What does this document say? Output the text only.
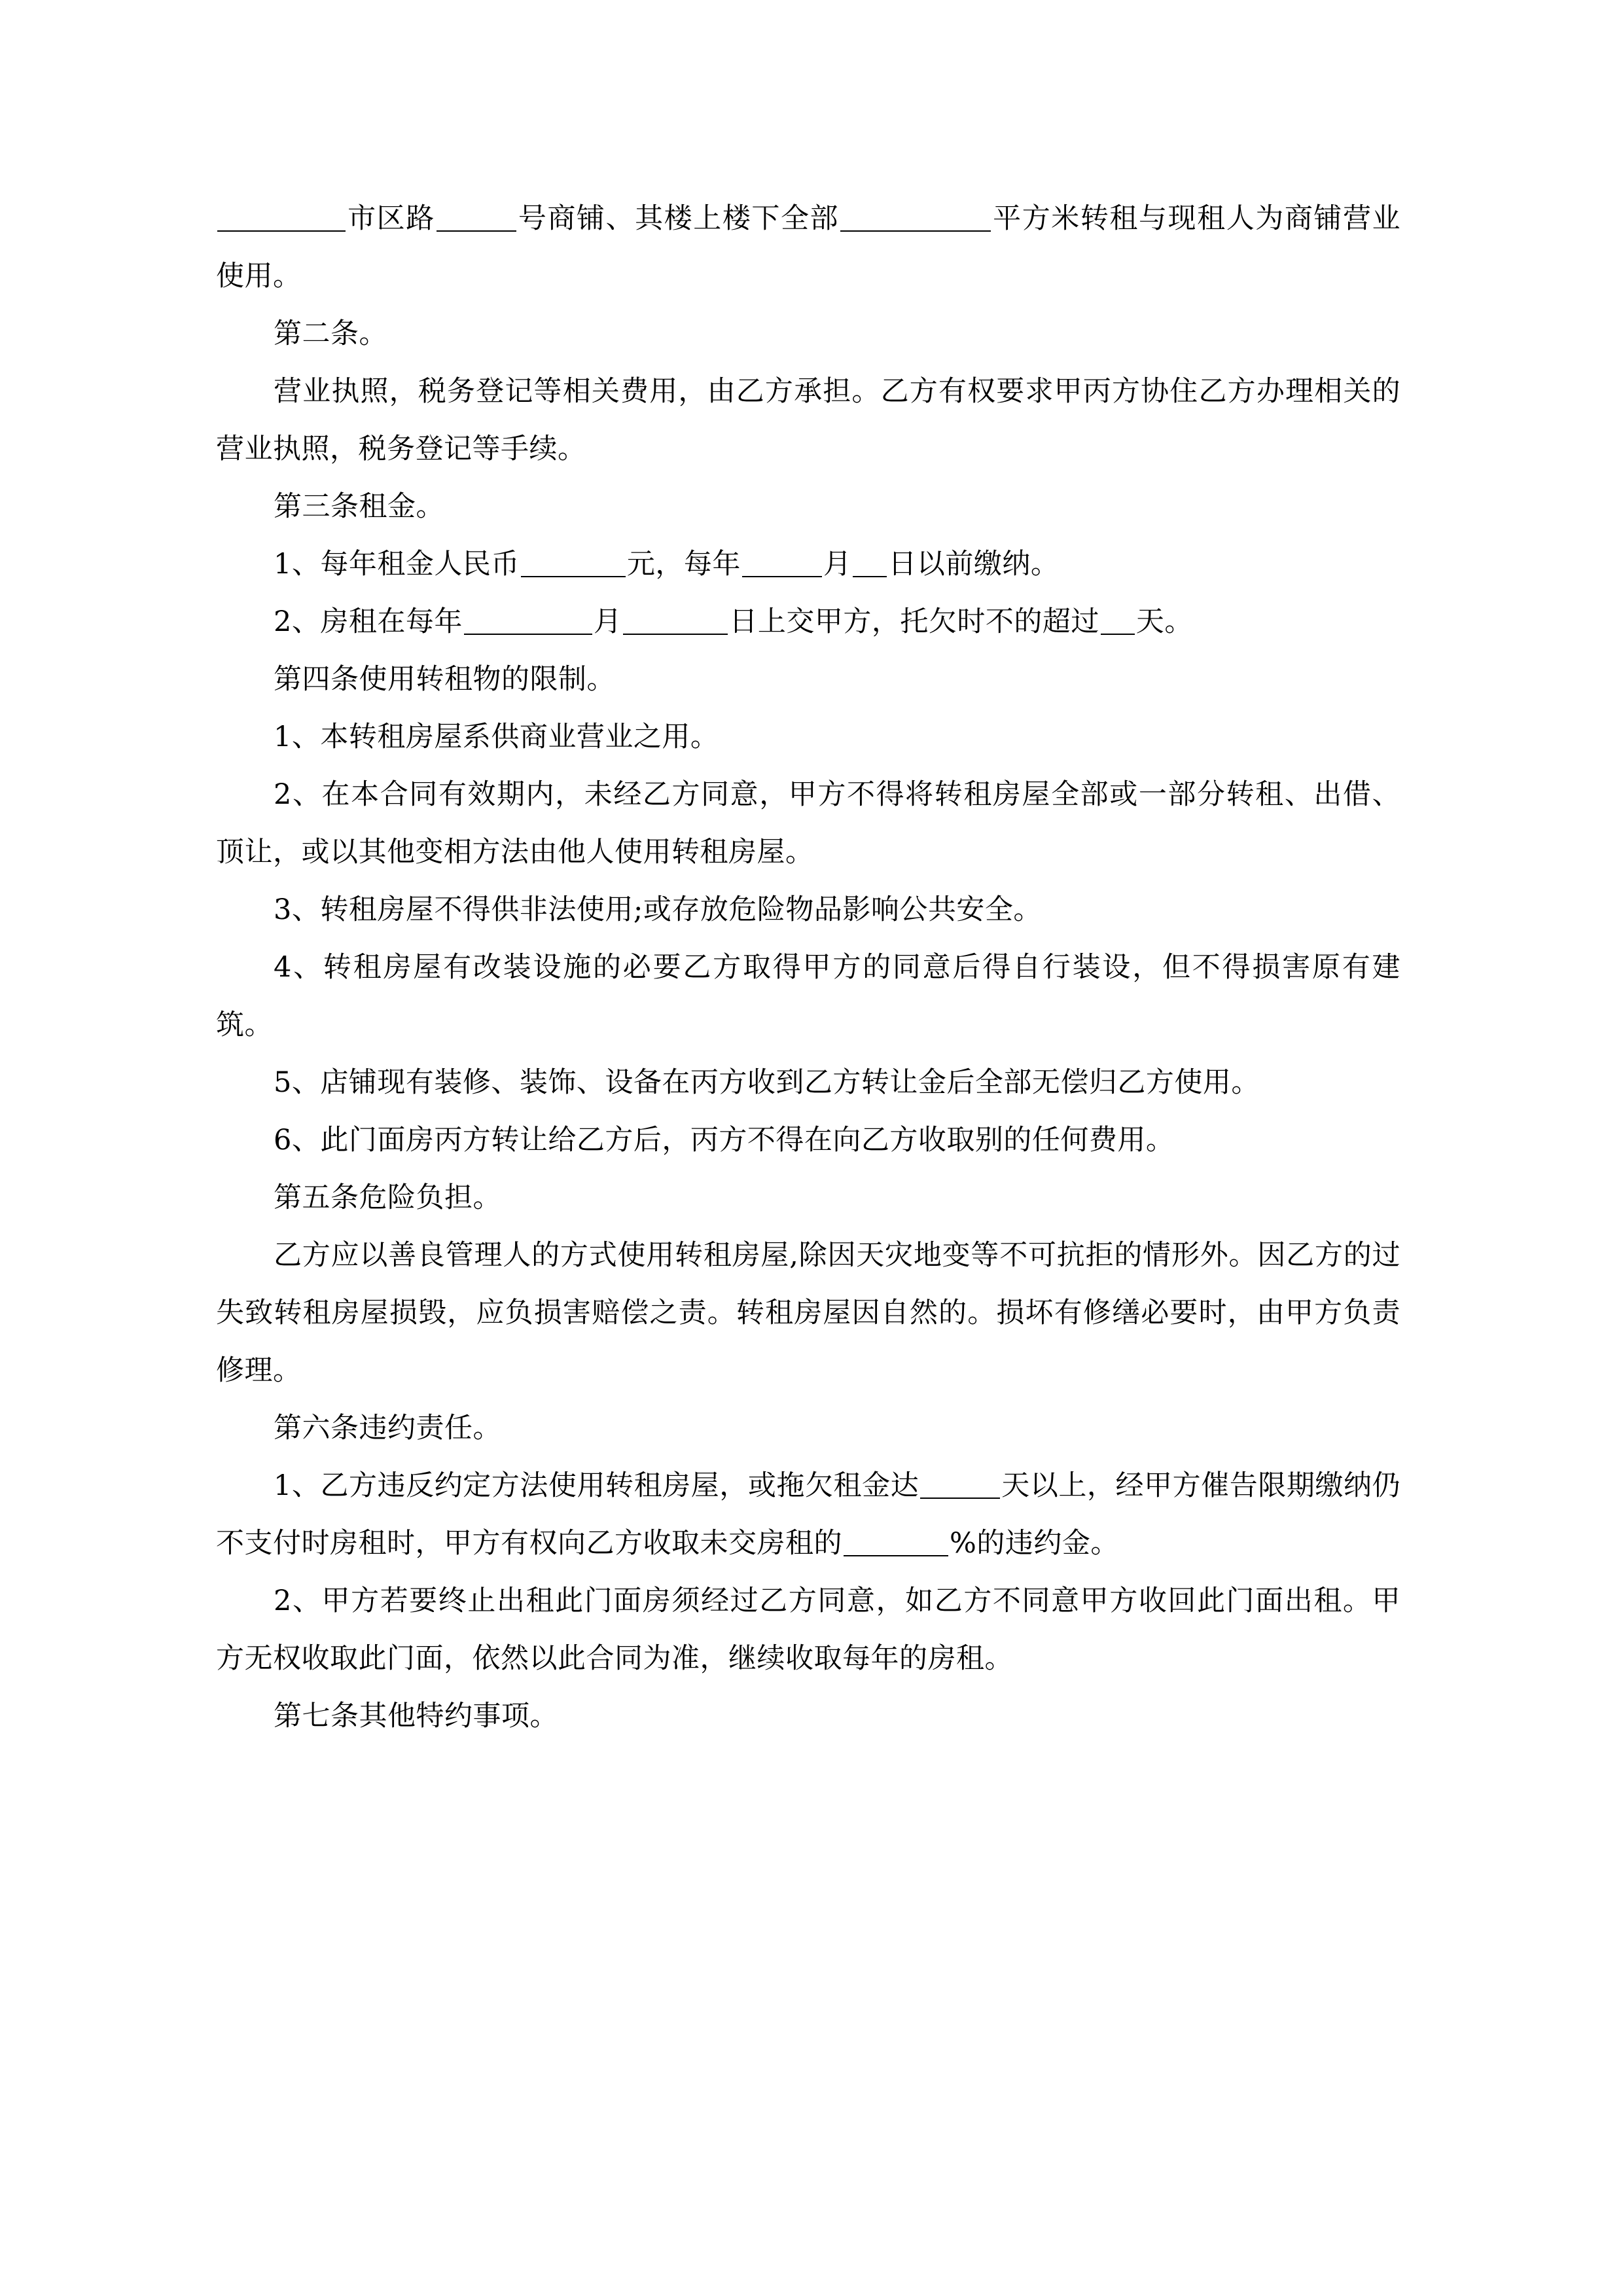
市区路	号商铺、其楼上楼下全部	平方米转租与现租人为商铺营业使用。

第二条。

营业执照，税务登记等相关费用，由乙方承担。乙方有权要求甲丙方协住乙方办理相关的营业执照，税务登记等手续。

第三条租金。

1、每年租金人民币	元，每年	月 日以前缴纳。

2、房租在每年	月	日上交甲方，托欠时不的超过 天。

第四条使用转租物的限制。

1、本转租房屋系供商业营业之用。

2、在本合同有效期内，未经乙方同意，甲方不得将转租房屋全部或一部分转租、出借、顶让，或以其他变相方法由他人使用转租房屋。

3、转租房屋不得供非法使用;或存放危险物品影响公共安全。

4、转租房屋有改装设施的必要乙方取得甲方的同意后得自行装设，但不得损害原有建筑。

5、店铺现有装修、装饰、设备在丙方收到乙方转让金后全部无偿归乙方使用。

6、此门面房丙方转让给乙方后，丙方不得在向乙方收取别的任何费用。

第五条危险负担。

乙方应以善良管理人的方式使用转租房屋,除因天灾地变等不可抗拒的情形外。因乙方的过失致转租房屋损毁，应负损害赔偿之责。转租房屋因自然的。损坏有修缮必要时，由甲方负责修理。

第六条违约责任。

1、乙方违反约定方法使用转租房屋，或拖欠租金达	天以上，经甲方催告限期缴纳仍不支付时房租时，甲方有权向乙方收取未交房租的	%的违约金。

2、甲方若要终止出租此门面房须经过乙方同意，如乙方不同意甲方收回此门面出租。甲方无权收取此门面，依然以此合同为准，继续收取每年的房租。

第七条其他特约事项。
